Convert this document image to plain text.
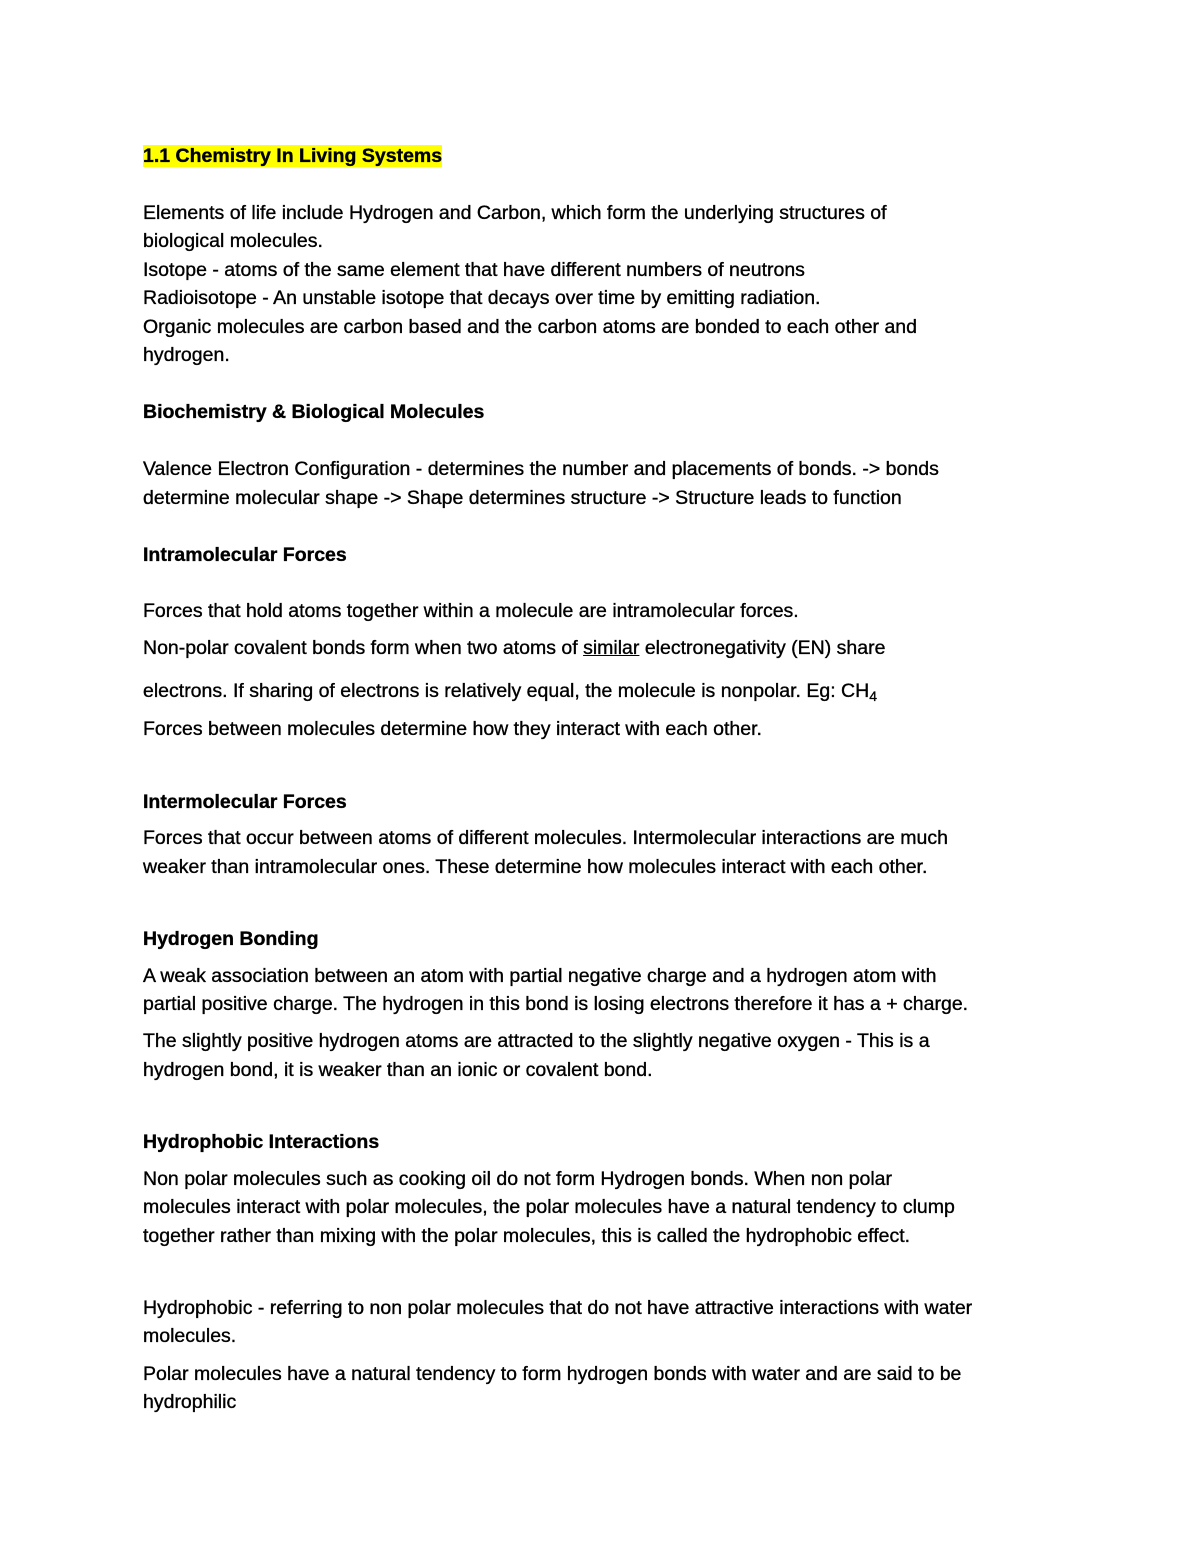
1.1 Chemistry In Living Systems
Elements of life include Hydrogen and Carbon, which form the underlying structures of
biological molecules.
Isotope - atoms of the same element that have different numbers of neutrons
Radioisotope - An unstable isotope that decays over time by emitting radiation.
Organic molecules are carbon based and the carbon atoms are bonded to each other and
hydrogen.
Biochemistry & Biological Molecules
Valence Electron Configuration - determines the number and placements of bonds. -> bonds
determine molecular shape -> Shape determines structure -> Structure leads to function
Intramolecular Forces
Forces that hold atoms together within a molecule are intramolecular forces.
Non-polar covalent bonds form when two atoms of similar electronegativity (EN) share
electrons. If sharing of electrons is relatively equal, the molecule is nonpolar. Eg: $CH_4$
Forces between molecules determine how they interact with each other.
Intermolecular Forces
Forces that occur between atoms of different molecules. Intermolecular interactions are much
weaker than intramolecular ones. These determine how molecules interact with each other.
Hydrogen Bonding
A weak association between an atom with partial negative charge and a hydrogen atom with
partial positive charge. The hydrogen in this bond is losing electrons therefore it has a + charge.
The slightly positive hydrogen atoms are attracted to the slightly negative oxygen - This is a
hydrogen bond, it is weaker than an ionic or covalent bond.
Hydrophobic Interactions
Non polar molecules such as cooking oil do not form Hydrogen bonds. When non polar
molecules interact with polar molecules, the polar molecules have a natural tendency to clump
together rather than mixing with the polar molecules, this is called the hydrophobic effect.
Hydrophobic - referring to non polar molecules that do not have attractive interactions with water
molecules.
Polar molecules have a natural tendency to form hydrogen bonds with water and are said to be
hydrophilic
